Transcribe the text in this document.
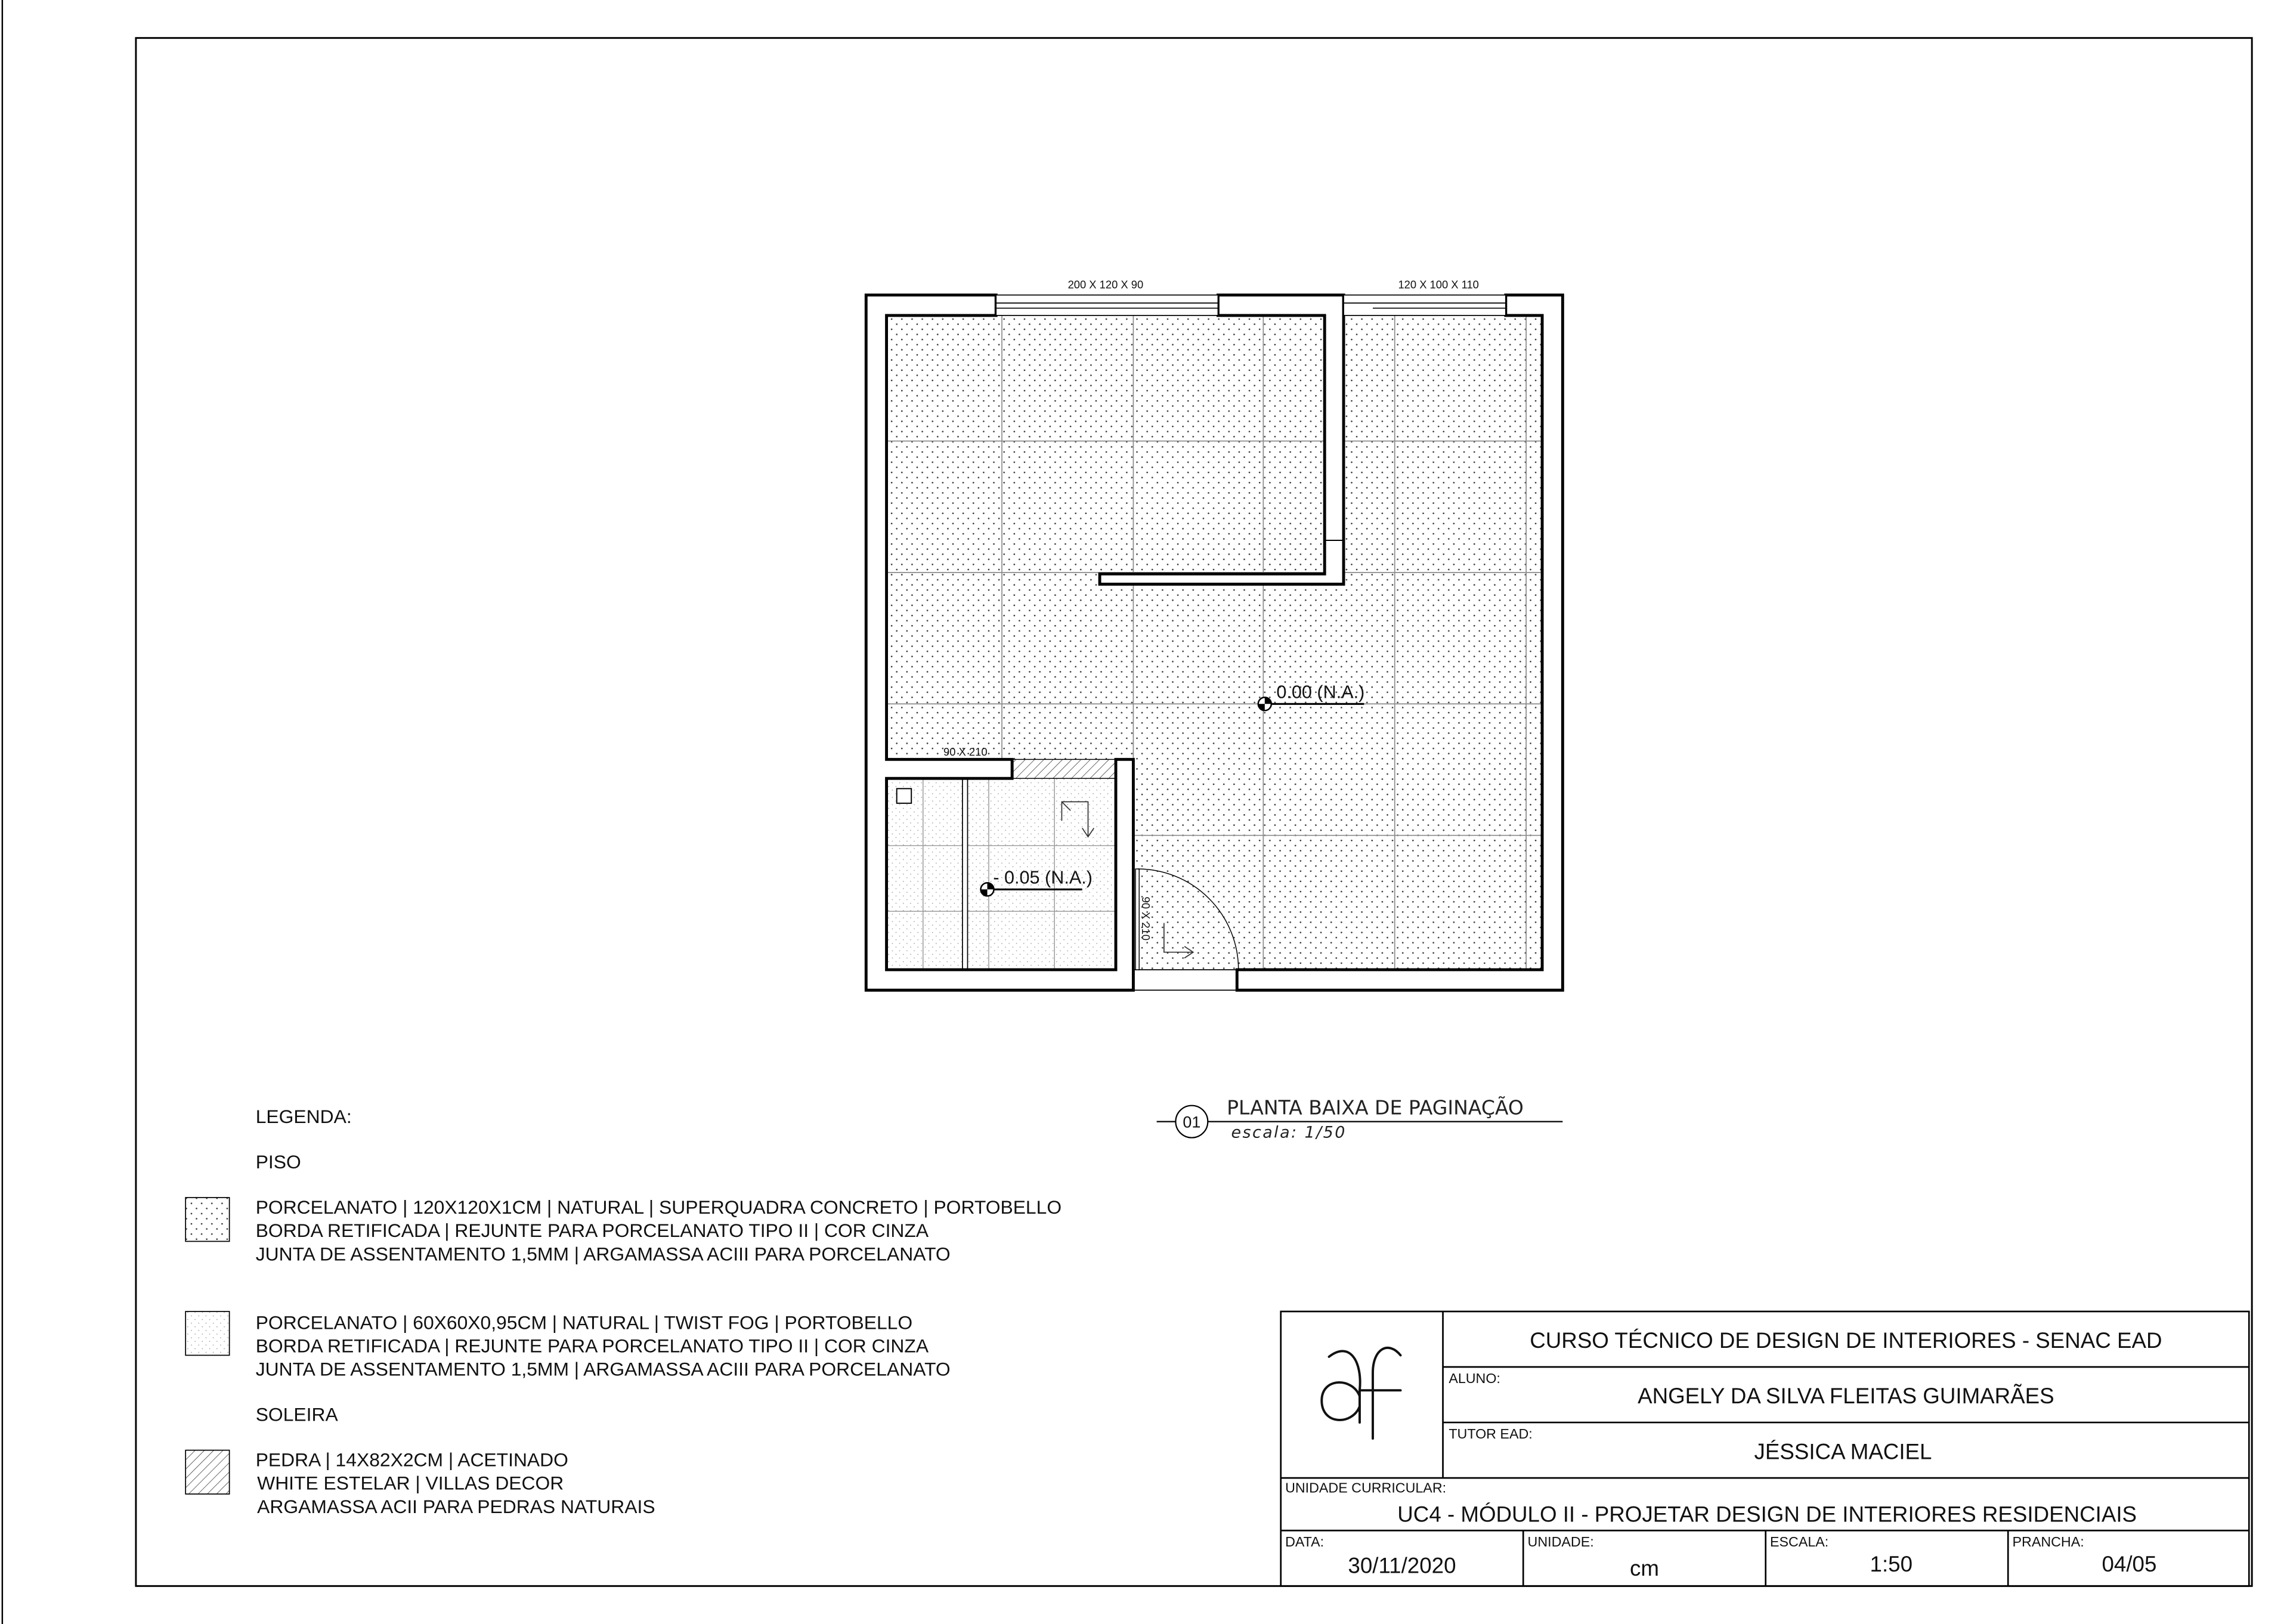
200 X 120 X 90	120 X 100 X 110
90 X 210
90 X 210
0.00 (N.A.)
- 0.05 (N.A.)
01
PLANTA BAIXA DE PAGINAÇÃO
escala: 1/50
LEGENDA:
PISO
PORCELANATO | 120X120X1CM | NATURAL | SUPERQUADRA CONCRETO | PORTOBELLO
BORDA RETIFICADA | REJUNTE PARA PORCELANATO TIPO II | COR CINZA
JUNTA DE ASSENTAMENTO 1,5MM | ARGAMASSA ACIII PARA PORCELANATO
PORCELANATO | 60X60X0,95CM | NATURAL | TWIST FOG | PORTOBELLO
BORDA RETIFICADA | REJUNTE PARA PORCELANATO TIPO II | COR CINZA
JUNTA DE ASSENTAMENTO 1,5MM | ARGAMASSA ACIII PARA PORCELANATO
SOLEIRA
PEDRA | 14X82X2CM | ACETINADO
WHITE ESTELAR | VILLAS DECOR
ARGAMASSA ACII PARA PEDRAS NATURAIS
CURSO TÉCNICO DE DESIGN DE INTERIORES - SENAC EAD
ALUNO:
ANGELY DA SILVA FLEITAS GUIMARÃES
TUTOR EAD:
JÉSSICA MACIEL
UNIDADE CURRICULAR:
UC4 - MÓDULO II - PROJETAR DESIGN DE INTERIORES RESIDENCIAIS
DATA:
30/11/2020
UNIDADE:
cm
ESCALA:
1:50
PRANCHA:
04/05
